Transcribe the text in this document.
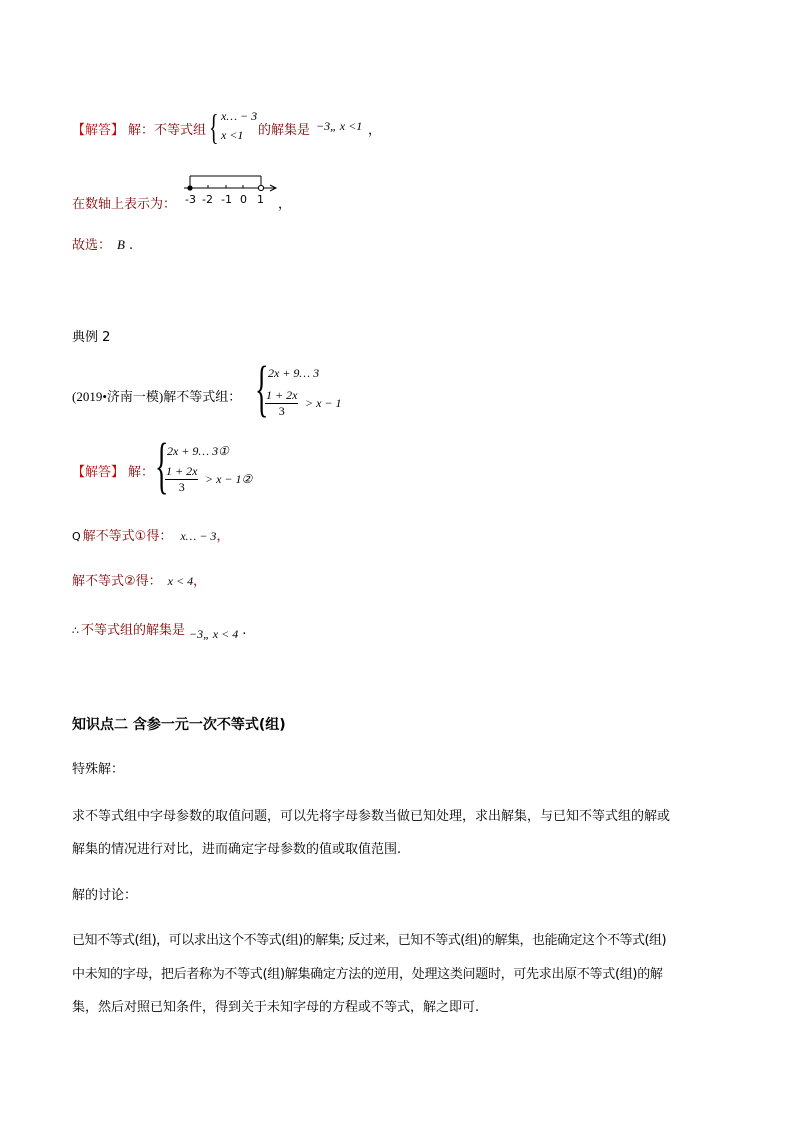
【解答】 解： 不等式组 { x… − 3
x <1 的解集是 −3„ x <1 ，
在数轴上表示为： -3 -2 -1 0 1 ，
故选： B .
典例 2
(2019•济南一模)解不等式组： { 2x + 9… 3
$\frac{1 + 2x}{3} > x - 1$
【解答】 解： {
2x + 9… 3①
$\frac{1 + 2x}{3} > x$ − 1②
Q 解不等式①得： x… − 3，
解不等式②得： x < 4，
∴ 不等式组的解集是 −3„ x < 4 .
知识点二 含参一元一次不等式(组)
特殊解：
求不等式组中字母参数的取值问题，可以先将字母参数当做已知处理，求出解集，与已知不等式组的解或
解集的情况进行对比，进而确定字母参数的值或取值范围.
解的讨论：
已知不等式(组)，可以求出这个不等式(组)的解集; 反过来，已知不等式(组)的解集，也能确定这个不等式(组)
中未知的字母，把后者称为不等式(组)解集确定方法的逆用，处理这类问题时，可先求出原不等式(组)的解
集，然后对照已知条件，得到关于未知字母的方程或不等式，解之即可.
